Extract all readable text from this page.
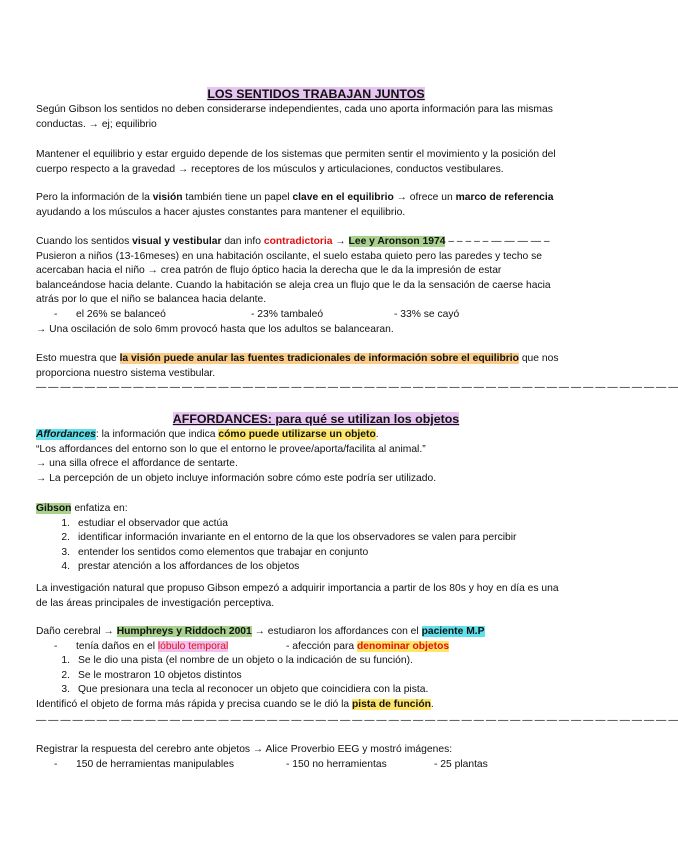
LOS SENTIDOS TRABAJAN JUNTOS
Según Gibson los sentidos no deben considerarse independientes, cada uno aporta información para las mismas
conductas. → ej; equilibrio
Mantener el equilibrio y estar erguido depende de los sistemas que permiten sentir el movimiento y la posición del
cuerpo respecto a la gravedad → receptores de los músculos y articulaciones, conductos vestibulares.
Pero la información de la visión también tiene un papel clave en el equilibrio → ofrece un marco de referencia
ayudando a los músculos a hacer ajustes constantes para mantener el equilibrio.
Cuando los sentidos visual y vestibular dan info contradictoria → Lee y Aronson 1974 – – – – – — — — — –
Pusieron a niños (13-16meses) en una habitación oscilante, el suelo estaba quieto pero las paredes y techo se
acercaban hacia el niño → crea patrón de flujo óptico hacia la derecha que le da la impresión de estar
balanceándose hacia delante. Cuando la habitación se aleja crea un flujo que le da la sensación de caerse hacia
atrás por lo que el niño se balancea hacia delante.
- el 26% se balanceó	- 23% tambaleó	- 33% se cayó
→ Una oscilación de solo 6mm provocó hasta que los adultos se balancearan.
Esto muestra que la visión puede anular las fuentes tradicionales de información sobre el equilibrio que nos
proporciona nuestro sistema vestibular.
— — — — — — — — — — — — — — — — — — — — — — — — — — — — — — — — — — — — — — — — — — — — — — — — — — — — —
AFFORDANCES: para qué se utilizan los objetos
Affordances: la información que indica cómo puede utilizarse un objeto.
“Los affordances del entorno son lo que el entorno le provee/aporta/facilita al animal.”
→ una silla ofrece el affordance de sentarte.
→ La percepción de un objeto incluye información sobre cómo este podría ser utilizado.
Gibson enfatiza en:
1. estudiar el observador que actúa
2. identificar información invariante en el entorno de la que los observadores se valen para percibir
3. entender los sentidos como elementos que trabajar en conjunto
4. prestar atención a los affordances de los objetos
La investigación natural que propuso Gibson empezó a adquirir importancia a partir de los 80s y hoy en día es una
de las áreas principales de investigación perceptiva.
Daño cerebral → Humphreys y Riddoch 2001 → estudiaron los affordances con el paciente M.P
- tenía daños en el lóbulo temporal	- afección para denominar objetos
1. Se le dio una pista (el nombre de un objeto o la indicación de su función).
2. Se le mostraron 10 objetos distintos
3. Que presionara una tecla al reconocer un objeto que coincidiera con la pista.
Identificó el objeto de forma más rápida y precisa cuando se le dió la pista de función.
— — — — — — — — — — — — — — — — — — — — — — — — — — — — — — — — — — — — — — — — — — — — — — — — — — — — —
Registrar la respuesta del cerebro ante objetos → Alice Proverbio EEG y mostró imágenes:
- 150 de herramientas manipulables	- 150 no herramientas	- 25 plantas
